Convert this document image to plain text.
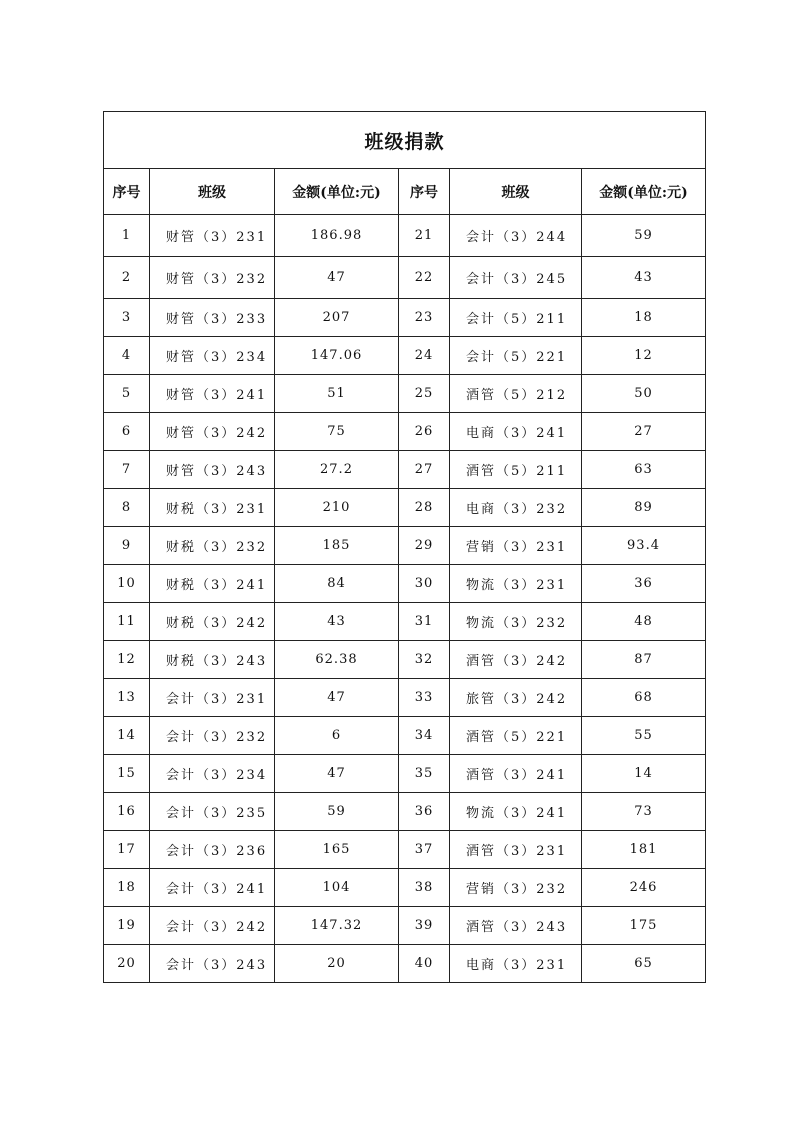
班级捐款					
序号	班级	金额(单位:元)	序号	班级	金额(单位:元)
1	财管（3）231	186.98	21	会计（3）244	59
2	财管（3）232	47	22	会计（3）245	43
3	财管（3）233	207	23	会计（5）211	18
4	财管（3）234	147.06	24	会计（5）221	12
5	财管（3）241	51	25	酒管（5）212	50
6	财管（3）242	75	26	电商（3）241	27
7	财管（3）243	27.2	27	酒管（5）211	63
8	财税（3）231	210	28	电商（3）232	89
9	财税（3）232	185	29	营销（3）231	93.4
10	财税（3）241	84	30	物流（3）231	36
11	财税（3）242	43	31	物流（3）232	48
12	财税（3）243	62.38	32	酒管（3）242	87
13	会计（3）231	47	33	旅管（3）242	68
14	会计（3）232	6	34	酒管（5）221	55
15	会计（3）234	47	35	酒管（3）241	14
16	会计（3）235	59	36	物流（3）241	73
17	会计（3）236	165	37	酒管（3）231	181
18	会计（3）241	104	38	营销（3）232	246
19	会计（3）242	147.32	39	酒管（3）243	175
20	会计（3）243	20	40	电商（3）231	65
